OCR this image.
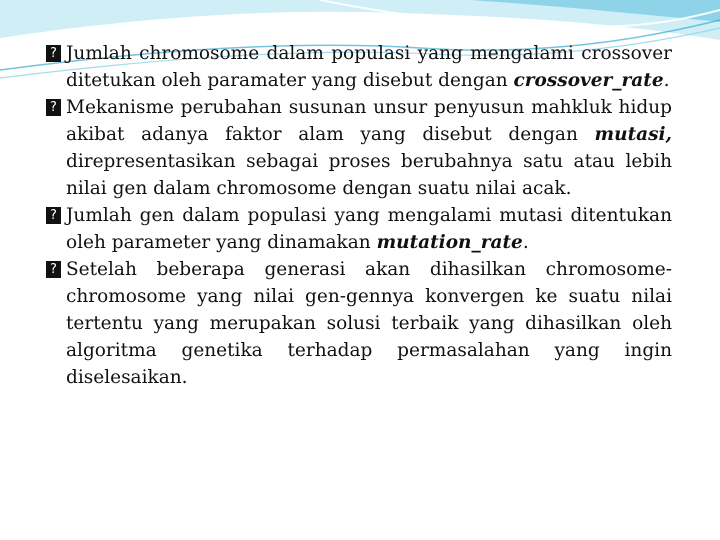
? Jumlah chromosome dalam populasi yang mengalami crossover ditetukan oleh paramater yang disebut dengan crossover_rate.
? Mekanisme perubahan susunan unsur penyusun mahkluk hidup akibat adanya faktor alam yang disebut dengan mutasi, direpresentasikan sebagai proses berubahnya satu atau lebih nilai gen dalam chromosome dengan suatu nilai acak.
? Jumlah gen dalam populasi yang mengalami mutasi ditentukan oleh parameter yang dinamakan mutation_rate.
? Setelah beberapa generasi akan dihasilkan chromosome-chromosome yang nilai gen-gennya konvergen ke suatu nilai tertentu yang merupakan solusi terbaik yang dihasilkan oleh algoritma genetika terhadap permasalahan yang ingin diselesaikan.
